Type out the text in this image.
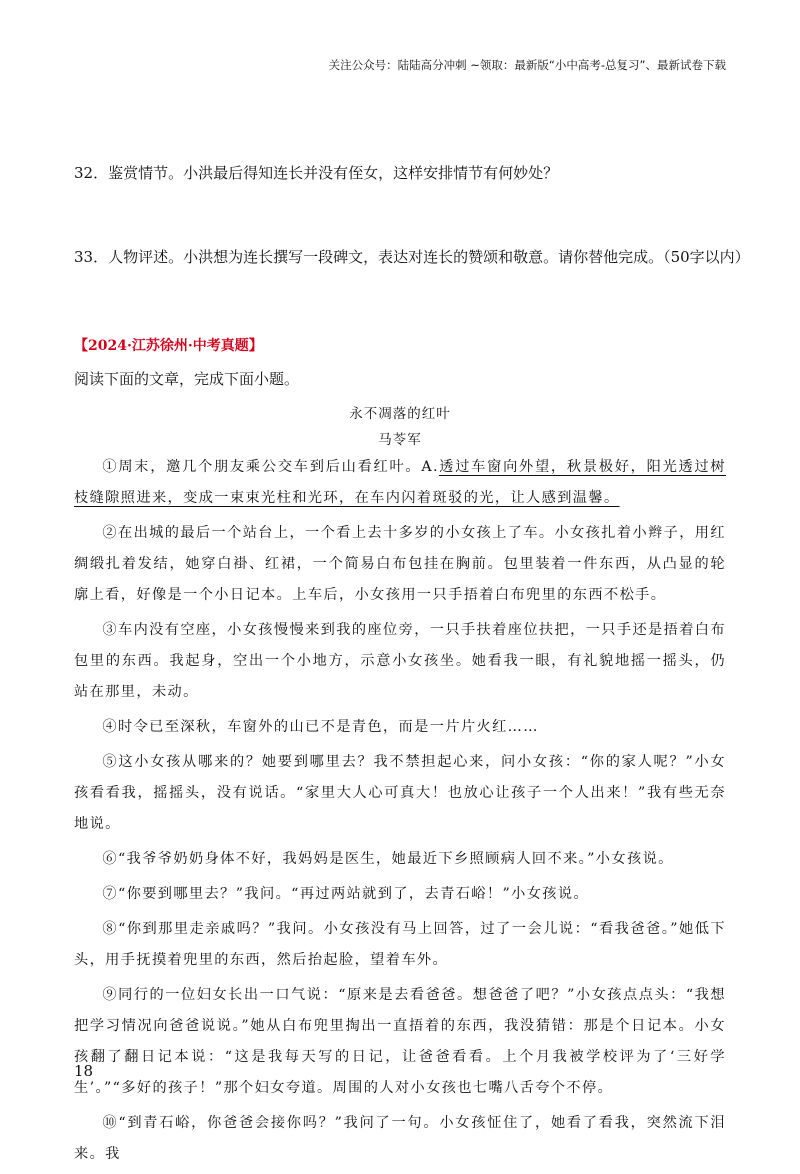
关注公众号：陆陆高分冲刺 ~领取：最新版“小中高考-总复习”、最新试卷下载
32．鉴赏情节。小洪最后得知连长并没有侄女，这样安排情节有何妙处？
33．人物评述。小洪想为连长撰写一段碑文，表达对连长的赞颂和敬意。请你替他完成。（50字以内）
【2024·江苏徐州·中考真题】
阅读下面的文章，完成下面小题。
永不凋落的红叶
马苓军

①周末，邀几个朋友乘公交车到后山看红叶。A.透过车窗向外望，秋景极好，阳光透过树枝缝隙照进来，变成一束束光柱和光环，在车内闪着斑驳的光，让人感到温馨。

②在出城的最后一个站台上，一个看上去十多岁的小女孩上了车。小女孩扎着小辫子，用红绸缎扎着发结，她穿白褂、红裙，一个简易白布包挂在胸前。包里装着一件东西，从凸显的轮廓上看，好像是一个小日记本。上车后，小女孩用一只手捂着白布兜里的东西不松手。

③车内没有空座，小女孩慢慢来到我的座位旁，一只手扶着座位扶把，一只手还是捂着白布包里的东西。我起身，空出一个小地方，示意小女孩坐。她看我一眼，有礼貌地摇一摇头，仍站在那里，未动。

④时令已至深秋，车窗外的山已不是青色，而是一片片火红……

⑤这小女孩从哪来的？她要到哪里去？我不禁担起心来，问小女孩：“你的家人呢？”小女孩看看我，摇摇头，没有说话。“家里大人心可真大！也放心让孩子一个人出来！”我有些无奈地说。

⑥“我爷爷奶奶身体不好，我妈妈是医生，她最近下乡照顾病人回不来。”小女孩说。

⑦“你要到哪里去？”我问。“再过两站就到了，去青石峪！”小女孩说。

⑧“你到那里走亲戚吗？”我问。小女孩没有马上回答，过了一会儿说：“看我爸爸。”她低下头，用手抚摸着兜里的东西，然后抬起脸，望着车外。

⑨同行的一位妇女长出一口气说：“原来是去看爸爸。想爸爸了吧？”小女孩点点头：“我想把学习情况向爸爸说说。”她从白布兜里掏出一直捂着的东西，我没猜错：那是个日记本。小女孩翻了翻日记本说：“这是我每天写的日记，让爸爸看看。上个月我被学校评为了‘三好学生’。”“多好的孩子！”那个妇女夸道。周围的人对小女孩也七嘴八舌夸个不停。

⑩“到青石峪，你爸爸会接你吗？”我问了一句。小女孩怔住了，她看了看我，突然流下泪来。我

18
